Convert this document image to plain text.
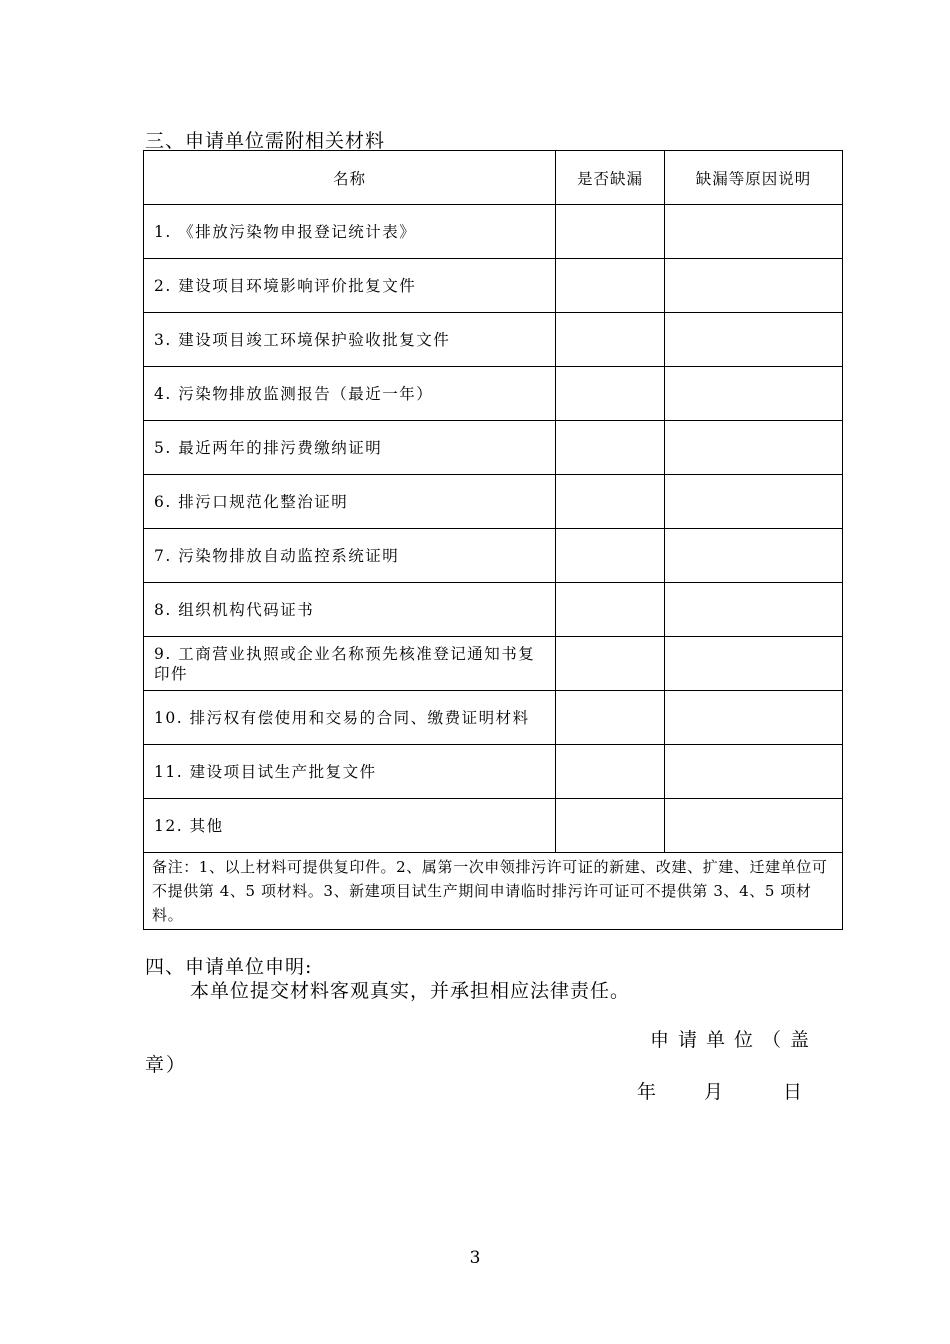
三、申请单位需附相关材料
名称	是否缺漏	缺漏等原因说明
1. 《排放污染物申报登记统计表》		
2. 建设项目环境影响评价批复文件		
3. 建设项目竣工环境保护验收批复文件		
4. 污染物排放监测报告（最近一年）		
5. 最近两年的排污费缴纳证明		
6. 排污口规范化整治证明		
7. 污染物排放自动监控系统证明		
8. 组织机构代码证书		
9. 工商营业执照或企业名称预先核准登记通知书复印件		
10. 排污权有偿使用和交易的合同、缴费证明材料		
11. 建设项目试生产批复文件		
12. 其他		
备注：1、以上材料可提供复印件。2、属第一次申领排污许可证的新建、改建、扩建、迁建单位可不提供第 4、5 项材料。3、新建项目试生产期间申请临时排污许可证可不提供第 3、4、5 项材料。		
四、申请单位申明:
本单位提交材料客观真实，并承担相应法律责任。
申请单位（盖
章）
年	月	日
3
